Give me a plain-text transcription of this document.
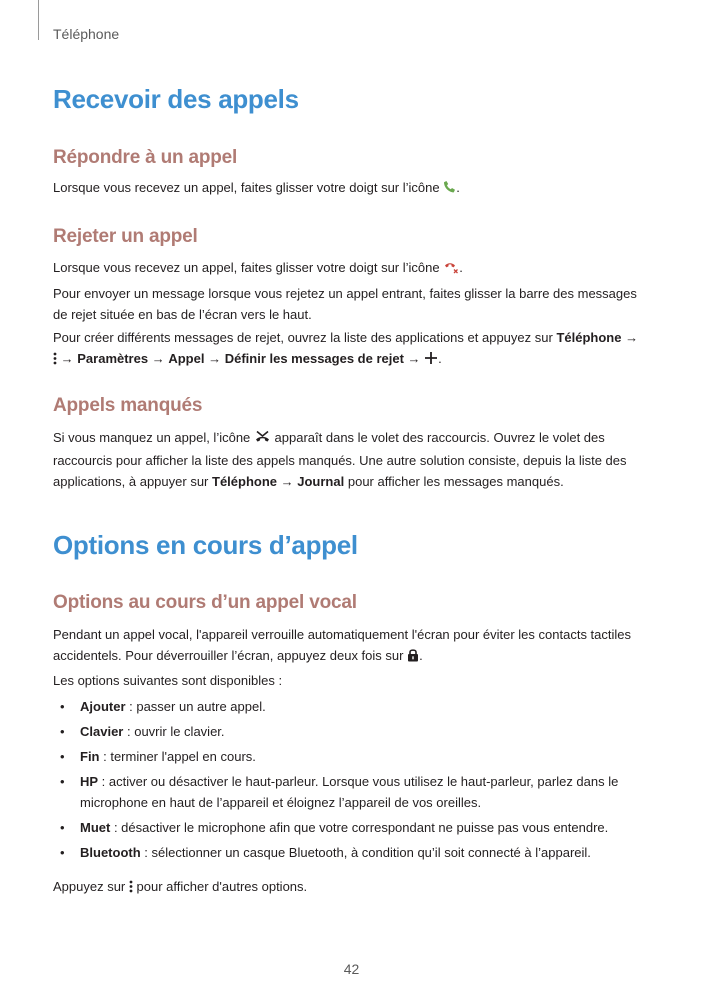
Téléphone
Recevoir des appels
Répondre à un appel

Lorsque vous recevez un appel, faites glisser votre doigt sur l’icône .

Rejeter un appel

Lorsque vous recevez un appel, faites glisser votre doigt sur l’icône .

Pour envoyer un message lorsque vous rejetez un appel entrant, faites glisser la barre des messages de rejet située en bas de l’écran vers le haut.

Pour créer différents messages de rejet, ouvrez la liste des applications et appuyez sur Téléphone →
→ Paramètres → Appel → Définir les messages de rejet → .

Appels manqués

Si vous manquez un appel, l’icône apparaît dans le volet des raccourcis. Ouvrez le volet des raccourcis pour afficher la liste des appels manqués. Une autre solution consiste, depuis la liste des applications, à appuyer sur Téléphone → Journal pour afficher les messages manqués.

Options en cours d’appel
Options au cours d’un appel vocal

Pendant un appel vocal, l'appareil verrouille automatiquement l'écran pour éviter les contacts tactiles accidentels. Pour déverrouiller l’écran, appuyez deux fois sur .

Les options suivantes sont disponibles :

• Ajouter : passer un autre appel.
• Clavier : ouvrir le clavier.
• Fin : terminer l'appel en cours.
• HP : activer ou désactiver le haut-parleur. Lorsque vous utilisez le haut-parleur, parlez dans le microphone en haut de l’appareil et éloignez l’appareil de vos oreilles.
• Muet : désactiver le microphone afin que votre correspondant ne puisse pas vous entendre.
• Bluetooth : sélectionner un casque Bluetooth, à condition qu’il soit connecté à l’appareil.

Appuyez sur pour afficher d'autres options.

42
